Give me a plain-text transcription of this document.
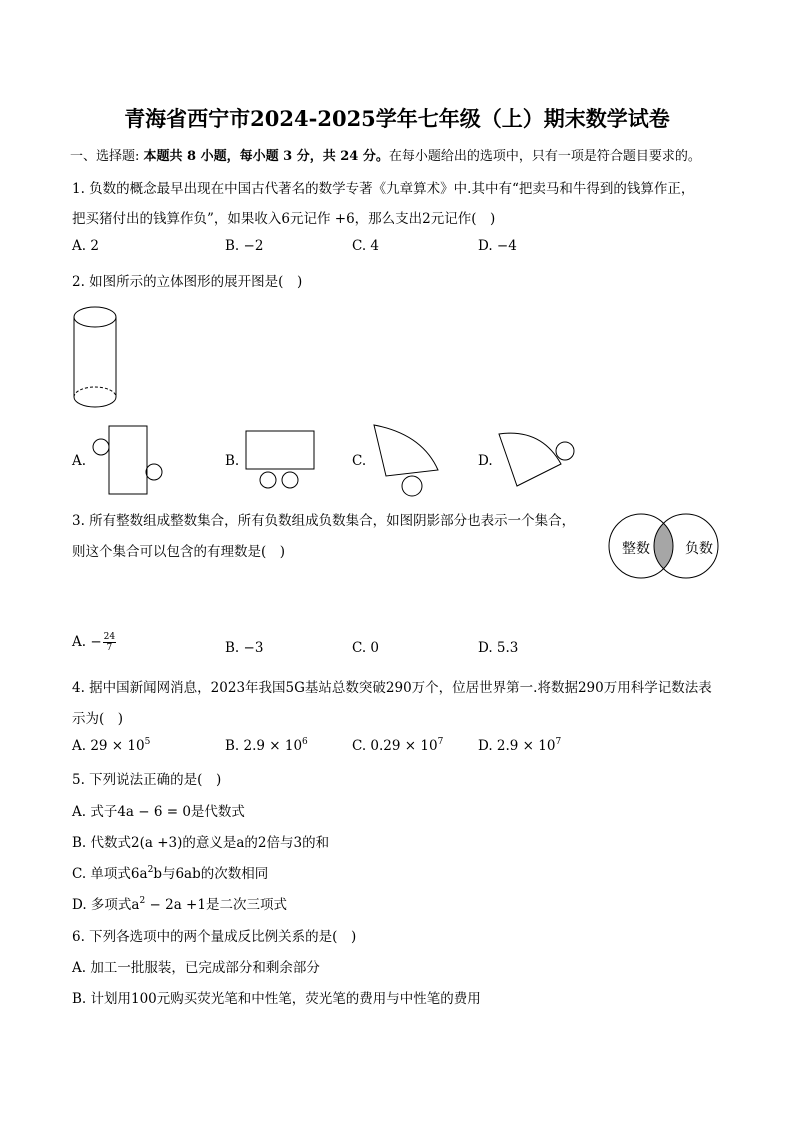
青海省西宁市2024-2025学年七年级（上）期末数学试卷
一、选择题: 本题共 8 小题，每小题 3 分，共 24 分。在每小题给出的选项中，只有一项是符合题目要求的。
1. 负数的概念最早出现在中国古代著名的数学专著《九章算术》中.其中有“把卖马和牛得到的钱算作正，
把买猪付出的钱算作负”，如果收入6元记作 +6，那么支出2元记作(　)
A. 2	B. −2	C. 4	D. −4
2. 如图所示的立体图形的展开图是(　)
A.	B.	C.	D.
3. 所有整数组成整数集合，所有负数组成负数集合，如图阴影部分也表示一个集合，
则这个集合可以包含的有理数是(　)	整数	负数
A. − $\frac{24}{7}$	B. −3	C. 0	D. 5.3
4. 据中国新闻网消息，2023年我国5G基站总数突破290万个，位居世界第一.将数据290万用科学记数法表
示为(　)
A. $29 \times 10^5$	B. $2.9 \times 10^6$	C. $0.29 \times 10^7$	D. $2.9 \times 10^7$
5. 下列说法正确的是(　)
A. 式子4a − 6 = 0是代数式
B. 代数式2(a +3)的意义是a的2倍与3的和
C. 单项式$6a^2b$与6ab的次数相同
D. 多项式$a^2 - 2a +1$是二次三项式
6. 下列各选项中的两个量成反比例关系的是(　)
A. 加工一批服装，已完成部分和剩余部分
B. 计划用100元购买荧光笔和中性笔，荧光笔的费用与中性笔的费用
